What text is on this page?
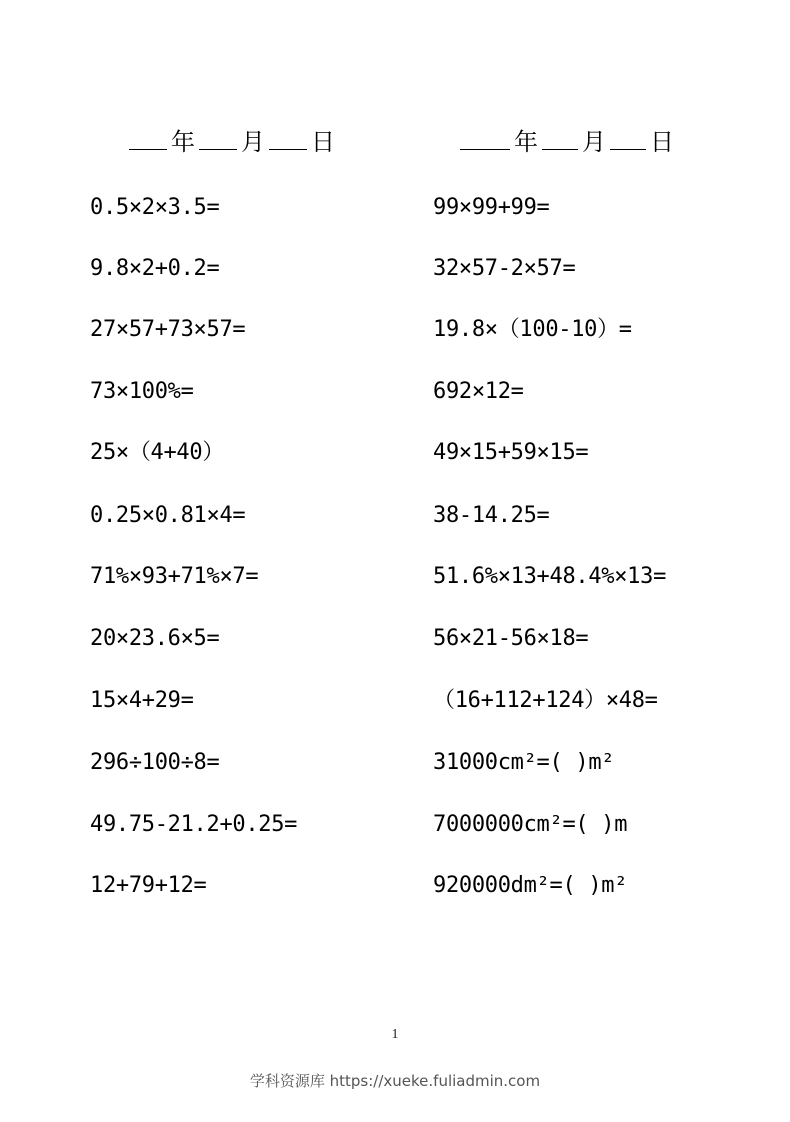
年 月 日	年 月 日
0.5×2×3.5=
9.8×2+0.2=
27×57+73×57=
73×100%=
25×（4+40）
0.25×0.81×4=
71%×93+71%×7=
20×23.6×5=
15×4+29=
296÷100÷8=
49.75-21.2+0.25=
12+79+12=
99×99+99=
32×57-2×57=
19.8×（100-10）=
692×12=
49×15+59×15=
38-14.25=
51.6%×13+48.4%×13=
56×21-56×18=
（16+112+124）×48=
31000cm²=( )m²
7000000cm²=( )m
920000dm²=( )m²
1
学科资源库 https://xueke.fuliadmin.com
